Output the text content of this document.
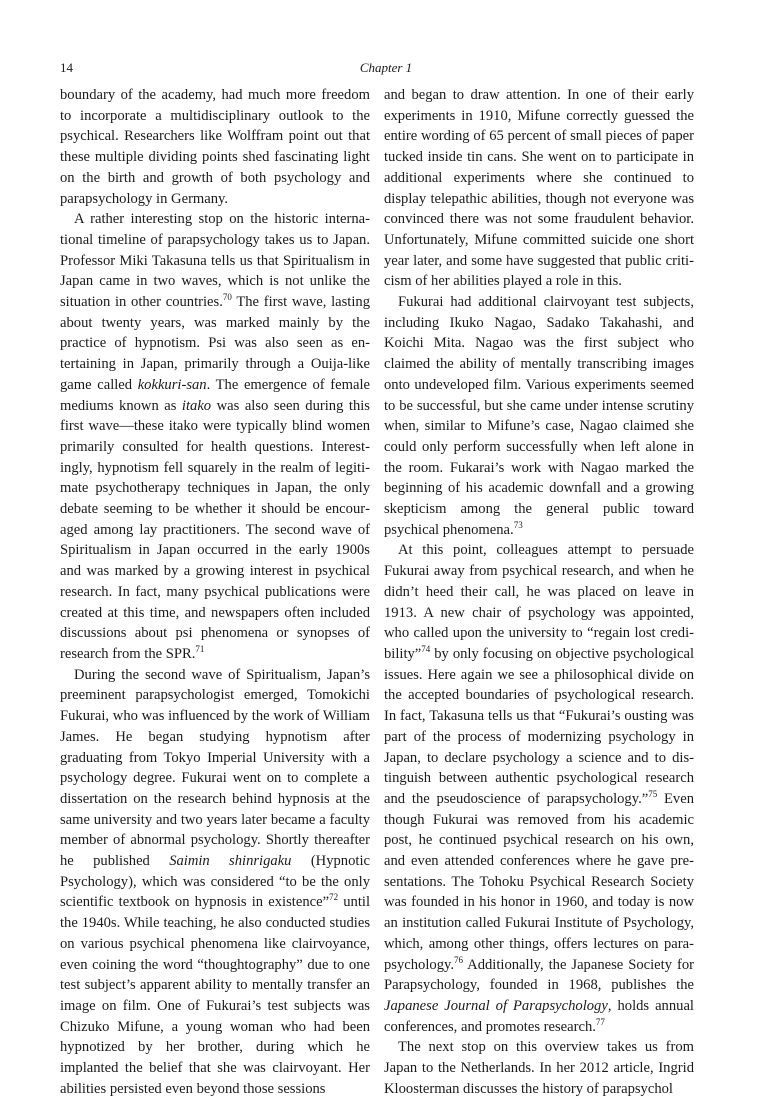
14	Chapter 1

boundary of the academy, had much more freedom to incorporate a multidisciplinary outlook to the psychical. Researchers like Wolffram point out that these multiple dividing points shed fascinating light on the birth and growth of both psychology and parapsychology in Germany.

A rather interesting stop on the historic international timeline of parapsychology takes us to Japan. Professor Miki Takasuna tells us that Spiritualism in Japan came in two waves, which is not unlike the situation in other countries.$^{70}$ The first wave, lasting about twenty years, was marked mainly by the practice of hypnotism. Psi was also seen as entertaining in Japan, primarily through a Ouija-like game called kokkuri-san. The emergence of female mediums known as itako was also seen during this first wave—these itako were typically blind women primarily consulted for health questions. Interestingly, hypnotism fell squarely in the realm of legitimate psychotherapy techniques in Japan, the only debate seeming to be whether it should be encouraged among lay practitioners. The second wave of Spiritualism in Japan occurred in the early 1900s and was marked by a growing interest in psychical research. In fact, many psychical publications were created at this time, and newspapers often included discussions about psi phenomena or synopses of research from the SPR.$^{71}$

During the second wave of Spiritualism, Japan’s preeminent parapsychologist emerged, Tomokichi Fukurai, who was influenced by the work of William James. He began studying hypnotism after graduating from Tokyo Imperial University with a psychology degree. Fukurai went on to complete a dissertation on the research behind hypnosis at the same university and two years later became a faculty member of abnormal psychology. Shortly thereafter he published Saimin shinrigaku (Hypnotic Psychology), which was considered “to be the only scientific textbook on hypnosis in existence”$^{72}$ until the 1940s. While teaching, he also conducted studies on various psychical phenomena like clairvoyance, even coining the word “thoughtography” due to one test subject’s apparent ability to mentally transfer an image on film. One of Fukurai’s test subjects was Chizuko Mifune, a young woman who had been hypnotized by her brother, during which he implanted the belief that she was clairvoyant. Her abilities persisted even beyond those sessions

and began to draw attention. In one of their early experiments in 1910, Mifune correctly guessed the entire wording of 65 percent of small pieces of paper tucked inside tin cans. She went on to participate in additional experiments where she continued to display telepathic abilities, though not everyone was convinced there was not some fraudulent behavior. Unfortunately, Mifune committed suicide one short year later, and some have suggested that public criticism of her abilities played a role in this.

Fukurai had additional clairvoyant test subjects, including Ikuko Nagao, Sadako Takahashi, and Koichi Mita. Nagao was the first subject who claimed the ability of mentally transcribing images onto undeveloped film. Various experiments seemed to be successful, but she came under intense scrutiny when, similar to Mifune’s case, Nagao claimed she could only perform successfully when left alone in the room. Fukarai’s work with Nagao marked the beginning of his academic downfall and a growing skepticism among the general public toward psychical phenomena.$^{73}$

At this point, colleagues attempt to persuade Fukurai away from psychical research, and when he didn’t heed their call, he was placed on leave in 1913. A new chair of psychology was appointed, who called upon the university to “regain lost credibility”$^{74}$ by only focusing on objective psychological issues. Here again we see a philosophical divide on the accepted boundaries of psychological research. In fact, Takasuna tells us that “Fukurai’s ousting was part of the process of modernizing psychology in Japan, to declare psychology a science and to distinguish between authentic psychological research and the pseudoscience of parapsychology.”$^{75}$ Even though Fukurai was removed from his academic post, he continued psychical research on his own, and even attended conferences where he gave presentations. The Tohoku Psychical Research Society was founded in his honor in 1960, and today is now an institution called Fukurai Institute of Psychology, which, among other things, offers lectures on parapsychology.$^{76}$ Additionally, the Japanese Society for Parapsychology, founded in 1968, publishes the Japanese Journal of Parapsychology, holds annual conferences, and promotes research.$^{77}$

The next stop on this overview takes us from Japan to the Netherlands. In her 2012 article, Ingrid Kloosterman discusses the history of parapsychol
